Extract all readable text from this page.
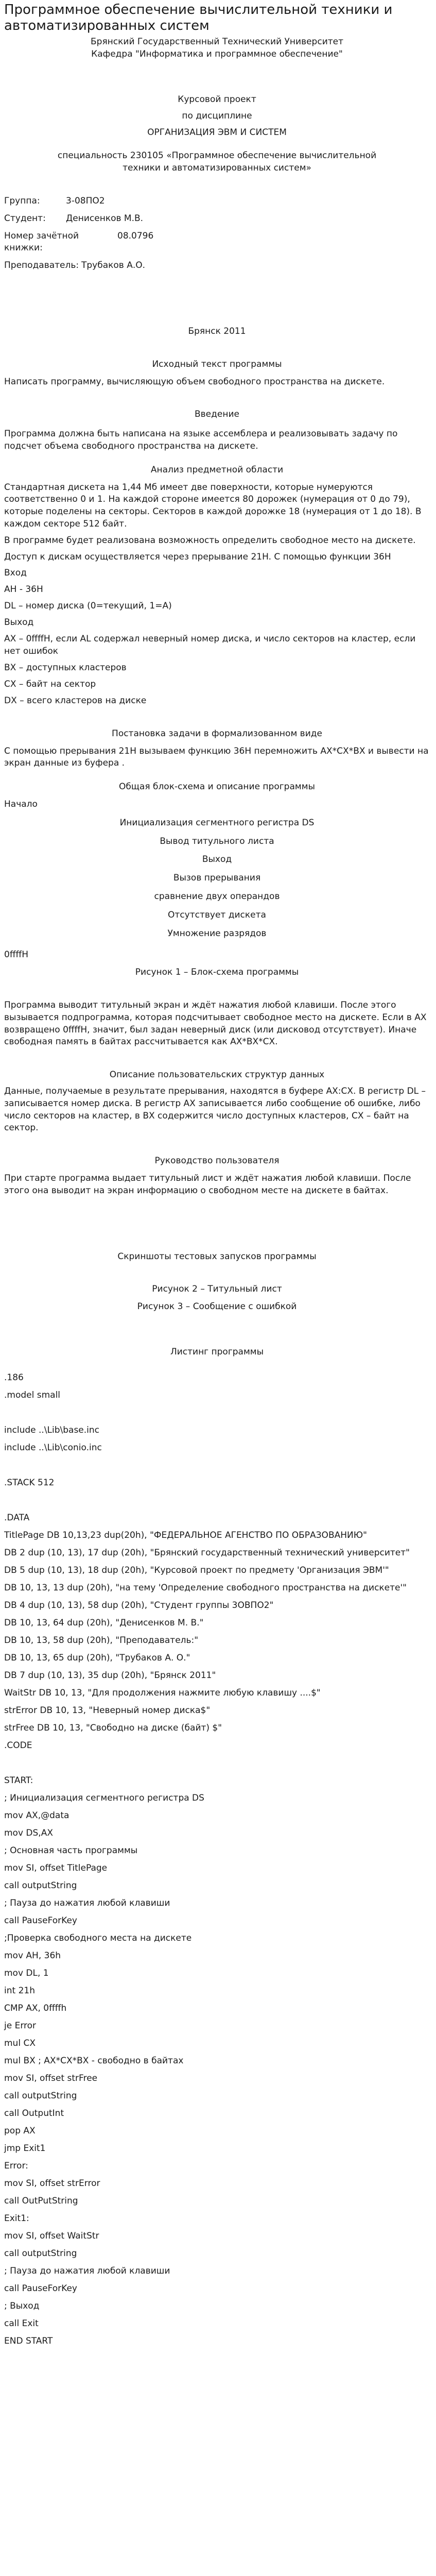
Программное обеспечение вычислительной техники и автоматизированных систем

Брянский Государственный Технический Университет

Кафедра "Информатика и программное обеспечение"

Курсовой проект

по дисциплине

ОРГАНИЗАЦИЯ ЭВМ И СИСТЕМ

специальность 230105 «Программное обеспечение вычислительной техники и автоматизированных систем»

Группа:	3-08ПО2
Студент:	Денисенков М.В.
Номер зачётной книжки:
08.0796
Преподаватель: Трубаков А.О.

Брянск 2011

Исходный текст программы

Написать программу, вычисляющую объем свободного пространства на дискете.

Введение

Программа должна быть написана на языке ассемблера и реализовывать задачу по подсчет объема свободного пространства на дискете.

Анализ предметной области

Стандартная дискета на 1,44 Мб имеет две поверхности, которые нумеруются соответственно 0 и 1. На каждой стороне имеется 80 дорожек (нумерация от 0 до 79), которые поделены на секторы. Секторов в каждой дорожке 18 (нумерация от 1 до 18). В каждом секторе 512 байт.

В программе будет реализована возможность определить свободное место на дискете.

Доступ к дискам осуществляется через прерывание 21H. С помощью функции 36H

Вход

AH - 36H

DL – номер диска (0=текущий, 1=A)

Выход

AX – 0ffffH, если AL содержал неверный номер диска, и число секторов на кластер, если нет ошибок

BX – доступных кластеров

CX – байт на сектор

DX – всего кластеров на диске

Постановка задачи в формализованном виде

С помощью прерывания 21H вызываем функцию 36H перемножить AX*CX*BX и вывести на экран данные из буфера .

Общая блок-схема и описание программы

Начало

Инициализация сегментного регистра DS

Вывод титульного листа

Выход

Вызов прерывания

сравнение двух операндов

Отсутствует дискета

Умножение разрядов

0ffffH

Рисунок 1 – Блок-схема программы

Программа выводит титульный экран и ждёт нажатия любой клавиши. После этого вызывается подпрограмма, которая подсчитывает свободное место на дискете. Если в AX возвращено 0ffffH, значит, был задан неверный диск (или дисковод отсутствует). Иначе свободная память в байтах рассчитывается как AX*BX*CX.

Описание пользовательских структур данных

Данные, получаемые в результате прерывания, находятся в буфере AX:CX. В регистр DL – записывается номер диска. В регистр AX записывается либо сообщение об ошибке, либо число секторов на кластер, в BX содержится число доступных кластеров, CX – байт на сектор.

Руководство пользователя

При старте программа выдает титульный лист и ждёт нажатия любой клавиши. После этого она выводит на экран информацию о свободном месте на дискете в байтах.

Скриншоты тестовых запусков программы

Рисунок 2 – Титульный лист

Рисунок 3 – Сообщение с ошибкой

Листинг программы

.186

.model small

include ..\Lib\base.inc

include ..\Lib\conio.inc

.STACK 512

.DATA

TitlePage DB 10,13,23 dup(20h), "ФЕДЕРАЛЬНОЕ АГЕНСТВО ПО ОБРАЗОВАНИЮ"

DB 2 dup (10, 13), 17 dup (20h), "Брянский государственный технический университет"

DB 5 dup (10, 13), 18 dup (20h), "Курсовой проект по предмету 'Организация ЭВМ'"

DB 10, 13, 13 dup (20h), "на тему 'Определение свободного пространства на дискете'"

DB 4 dup (10, 13), 58 dup (20h), "Студент группы 3ОВПО2"

DB 10, 13, 64 dup (20h), "Денисенков М. В."

DB 10, 13, 58 dup (20h), "Преподаватель:"

DB 10, 13, 65 dup (20h), "Трубаков А. О."

DB 7 dup (10, 13), 35 dup (20h), "Брянск 2011"

WaitStr DB 10, 13, "Для продолжения нажмите любую клавишу ....$"

strError DB 10, 13, "Неверный номер диска$"

strFree DB 10, 13, "Свободно на диске (байт) $"

.CODE

START:

; Инициализация сегментного регистра DS

mov AX,@data

mov DS,AX

; Основная часть программы

mov SI, offset TitlePage

call outputString

; Пауза до нажатия любой клавиши

call PauseForKey

;Проверка свободного места на дискете

mov AH, 36h

mov DL, 1

int 21h

CMP AX, 0ffffh

je Error

mul CX

mul BX ; AX*CX*BX - свободно в байтах

mov SI, offset strFree

call outputString

call OutputInt

pop AX

jmp Exit1

Error:

mov SI, offset strError

call OutPutString

Exit1:

mov SI, offset WaitStr

call outputString

; Пауза до нажатия любой клавиши

call PauseForKey

; Выход

call Exit

END START
